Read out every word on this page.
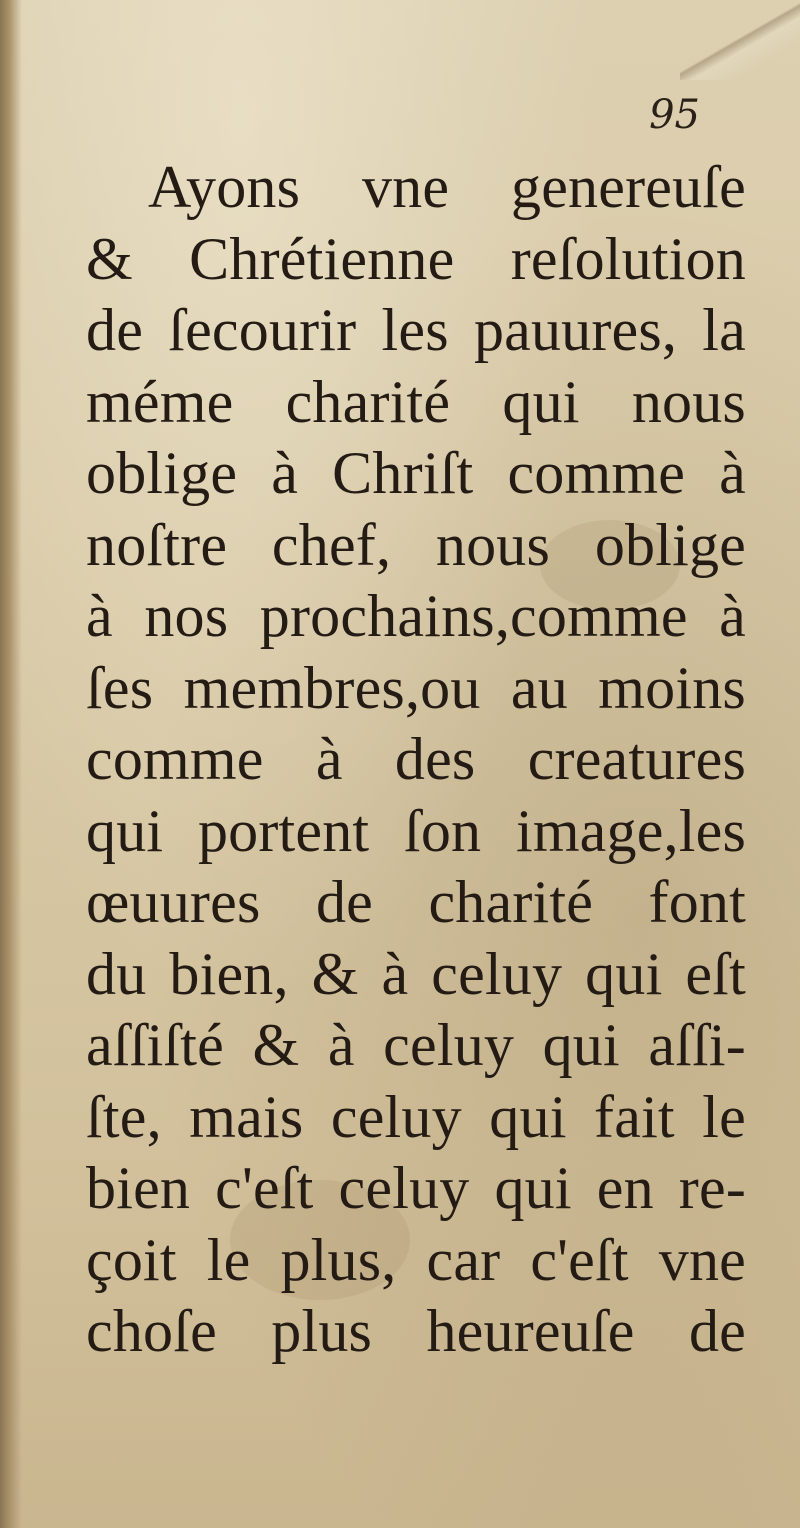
95
Ayons vne genereuſe
& Chrétienne reſolution
de ſecourir les pauures, la
méme charité qui nous
oblige à Chriſt comme à
noſtre chef, nous oblige
à nos prochains,comme à
ſes membres,ou au moins
comme à des creatures
qui portent ſon image,les
œuures de charité font
du bien, & à celuy qui eſt
aſſiſté & à celuy qui aſſi-
ſte, mais celuy qui fait le
bien c'eſt celuy qui en re-
çoit le plus, car c'eſt vne
choſe plus heureuſe de
